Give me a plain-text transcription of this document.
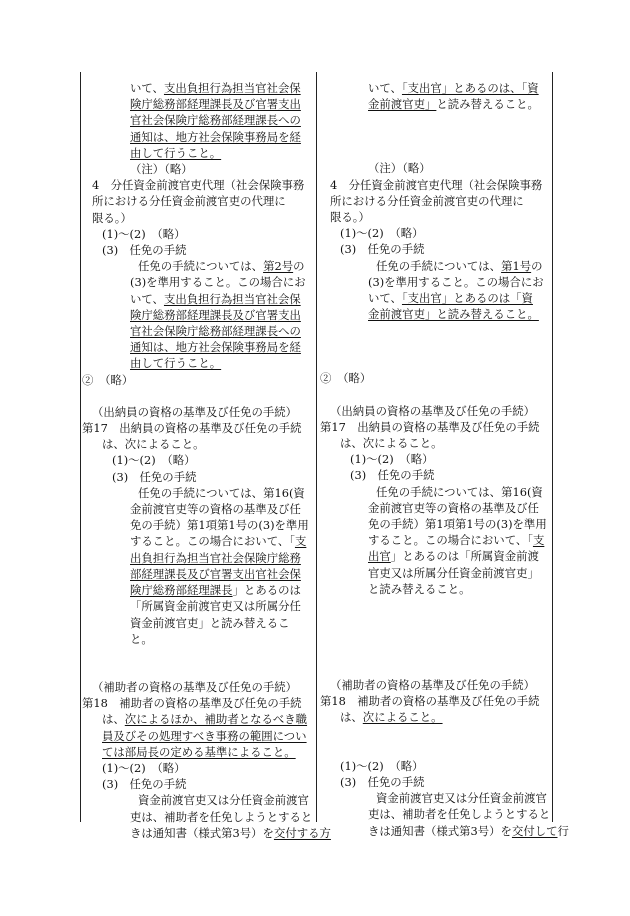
いて、支出負担行為担当官社会保

険庁総務部経理課長及び官署支出

官社会保険庁総務部経理課長への

通知は、地方社会保険事務局を経

由して行うこと。

（注）（略）

4　分任資金前渡官吏代理（社会保険事務

所における分任資金前渡官吏の代理に

限る。）

(1)～(2)　（略）

(3)　任免の手続

任免の手続については、第2号の

(3)を準用すること。この場合にお

いて、支出負担行為担当官社会保

険庁総務部経理課長及び官署支出

官社会保険庁総務部経理課長への

通知は、地方社会保険事務局を経

由して行うこと。

②　（略）

（出納員の資格の基準及び任免の手続）

第17　出納員の資格の基準及び任免の手続

は、次によること。

(1)～(2)　（略）

(3)　任免の手続

任免の手続については、第16(資

金前渡官吏等の資格の基準及び任

免の手続）第1項第1号の(3)を準用

すること。この場合において、「支

出負担行為担当官社会保険庁総務

部経理課長及び官署支出官社会保

険庁総務部経理課長」とあるのは

「所属資金前渡官吏又は所属分任

資金前渡官吏」と読み替えるこ

と。

（補助者の資格の基準及び任免の手続）

第18　補助者の資格の基準及び任免の手続

は、次によるほか、補助者となるべき職

員及びその処理すべき事務の範囲につい

ては部局長の定める基準によること。

(1)～(2)　（略）

(3)　任免の手続

資金前渡官吏又は分任資金前渡官

吏は、補助者を任免しようとすると

きは通知書（様式第3号）を交付する方

いて、「支出官」とあるのは、「資

金前渡官吏」と読み替えること。

（注）（略）

4　分任資金前渡官吏代理（社会保険事務

所における分任資金前渡官吏の代理に

限る。）

(1)～(2)　（略）

(3)　任免の手続

任免の手続については、第1号の

(3)を準用すること。この場合にお

いて、「支出官」とあるのは「資

金前渡官吏」と読み替えること。

②　（略）

（出納員の資格の基準及び任免の手続）

第17　出納員の資格の基準及び任免の手続

は、次によること。

(1)～(2)　（略）

(3)　任免の手続

任免の手続については、第16(資

金前渡官吏等の資格の基準及び任

免の手続）第1項第1号の(3)を準用

すること。この場合において、「支

出官」とあるのは「所属資金前渡

官吏又は所属分任資金前渡官吏」

と読み替えること。

（補助者の資格の基準及び任免の手続）

第18　補助者の資格の基準及び任免の手続

は、次によること。

(1)～(2)　（略）

(3)　任免の手続

資金前渡官吏又は分任資金前渡官

吏は、補助者を任免しようとすると

きは通知書（様式第3号）を交付して行
